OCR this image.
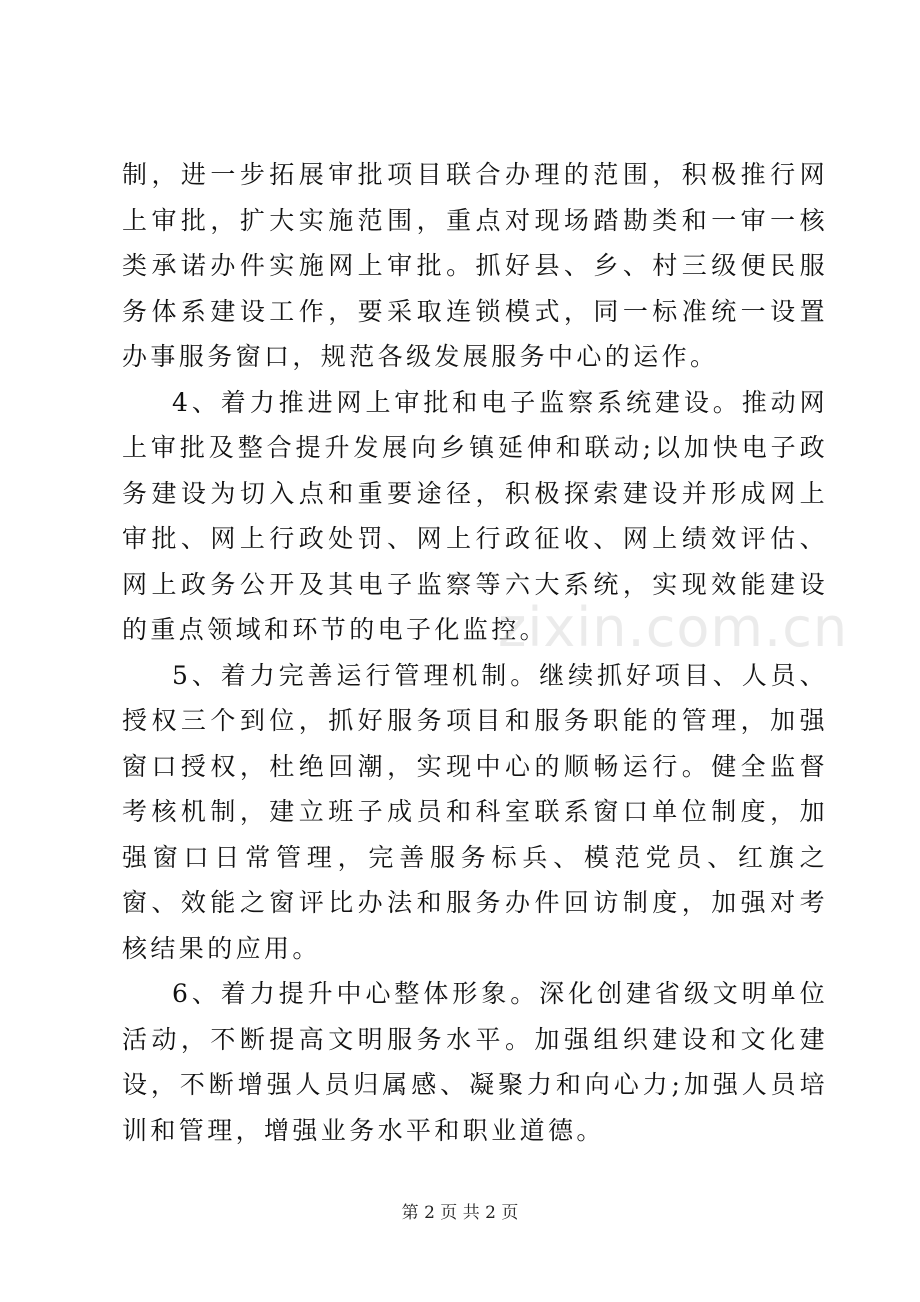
制，进一步拓展审批项目联合办理的范围，积极推行网上审批，扩大实施范围，重点对现场踏勘类和一审一核类承诺办件实施网上审批。抓好县、乡、村三级便民服务体系建设工作，要采取连锁模式，同一标准统一设置办事服务窗口，规范各级发展服务中心的运作。

4、着力推进网上审批和电子监察系统建设。推动网上审批及整合提升发展向乡镇延伸和联动;以加快电子政务建设为切入点和重要途径，积极探索建设并形成网上审批、网上行政处罚、网上行政征收、网上绩效评估、网上政务公开及其电子监察等六大系统，实现效能建设的重点领域和环节的电子化监控。

5、着力完善运行管理机制。继续抓好项目、人员、授权三个到位，抓好服务项目和服务职能的管理，加强窗口授权，杜绝回潮，实现中心的顺畅运行。健全监督考核机制，建立班子成员和科室联系窗口单位制度，加强窗口日常管理，完善服务标兵、模范党员、红旗之窗、效能之窗评比办法和服务办件回访制度，加强对考核结果的应用。

6、着力提升中心整体形象。深化创建省级文明单位活动，不断提高文明服务水平。加强组织建设和文化建设，不断增强人员归属感、凝聚力和向心力;加强人员培训和管理，增强业务水平和职业道德。

zixin.com.cn
第 2 页 共 2 页
